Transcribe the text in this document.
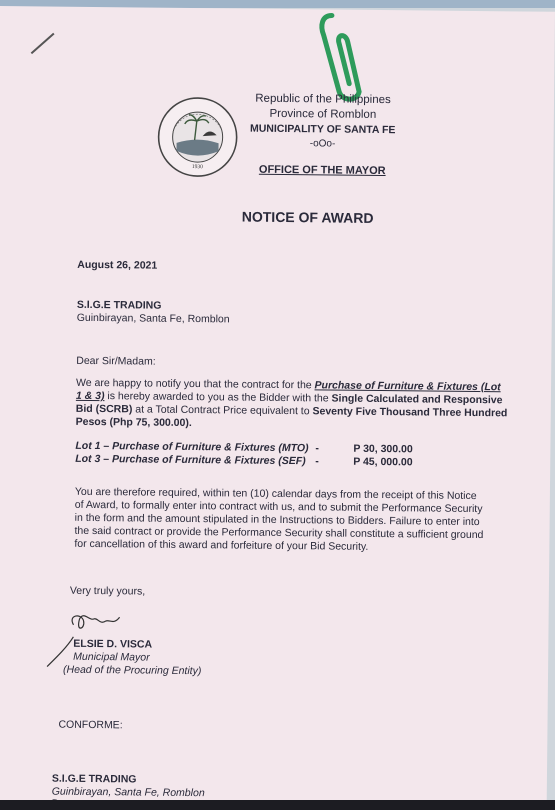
1930
Republic of the Philippines
Province of Romblon
MUNICIPALITY OF SANTA FE
-oOo-
OFFICE OF THE MAYOR
NOTICE OF AWARD
August 26, 2021
S.I.G.E TRADING
Guinbirayan, Santa Fe, Romblon
Dear Sir/Madam:
We are happy to notify you that the contract for the Purchase of Furniture & Fixtures (Lot
1 & 3) is hereby awarded to you as the Bidder with the Single Calculated and Responsive
Bid (SCRB) at a Total Contract Price equivalent to Seventy Five Thousand Three Hundred
Pesos (Php 75, 300.00).
Lot 1 – Purchase of Furniture & Fixtures (MTO) -	P 30, 300.00
Lot 3 – Purchase of Furniture & Fixtures (SEF) -	P 45, 000.00
You are therefore required, within ten (10) calendar days from the receipt of this Notice
of Award, to formally enter into contract with us, and to submit the Performance Security
in the form and the amount stipulated in the Instructions to Bidders. Failure to enter into
the said contract or provide the Performance Security shall constitute a sufficient ground
for cancellation of this award and forfeiture of your Bid Security.
Very truly yours,
ELSIE D. VISCA
Municipal Mayor
(Head of the Procuring Entity)
CONFORME:
S.I.G.E TRADING
Guinbirayan, Santa Fe, Romblon
